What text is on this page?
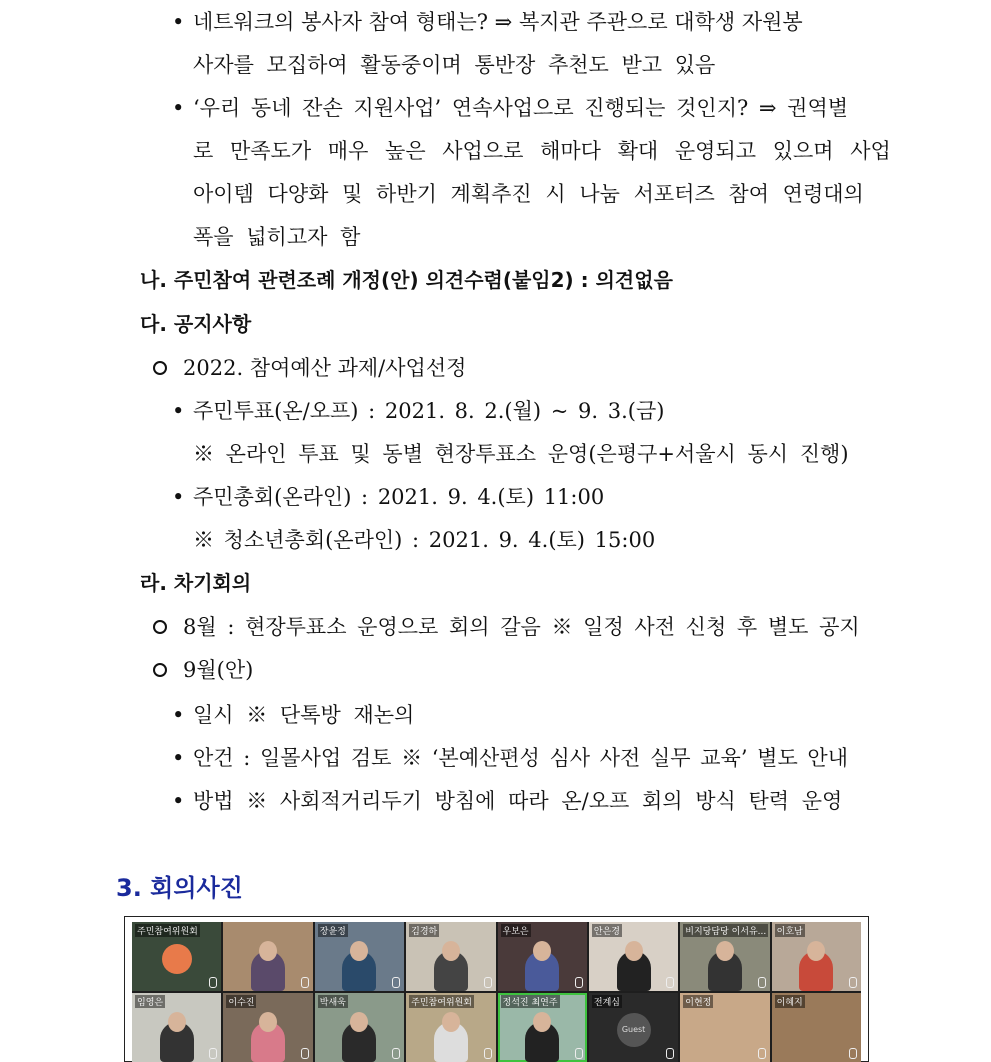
• 네트워크의 봉사자 참여 형태는? ⇒ 복지관 주관으로 대학생 자원봉
사자를 모집하여 활동중이며 통반장 추천도 받고 있음
• ‘우리 동네 잔손 지원사업’ 연속사업으로 진행되는 것인지? ⇒ 권역별
로 만족도가 매우 높은 사업으로 해마다 확대 운영되고 있으며 사업
아이템 다양화 및 하반기 계획추진 시 나눔 서포터즈 참여 연령대의
폭을 넓히고자 함
나. 주민참여 관련조례 개정(안) 의견수렴(붙임2) : 의견없음
다. 공지사항
2022. 참여예산 과제/사업선정
• 주민투표(온/오프) : 2021. 8. 2.(월) ~ 9. 3.(금)
※ 온라인 투표 및 동별 현장투표소 운영(은평구+서울시 동시 진행)
• 주민총회(온라인) : 2021. 9. 4.(토) 11:00
※ 청소년총회(온라인) : 2021. 9. 4.(토) 15:00
라. 차기회의
8월 : 현장투표소 운영으로 회의 갈음 ※ 일정 사전 신청 후 별도 공지
9월(안)
• 일시 ※ 단톡방 재논의
• 안건 : 일몰사업 검토 ※ ‘본예산편성 심사 사전 실무 교육’ 별도 안내
• 방법 ※ 사회적거리두기 방침에 따라 온/오프 회의 방식 탄력 운영
3. 회의사진
주민참여위원회	장윤정	김경하	우보은	안은경	비지당담당 이서유... 이호남
임영은	이수진	박새욱	주민참여위원회	정석진 최연주
Guest
전계심	이현정	이혜지
